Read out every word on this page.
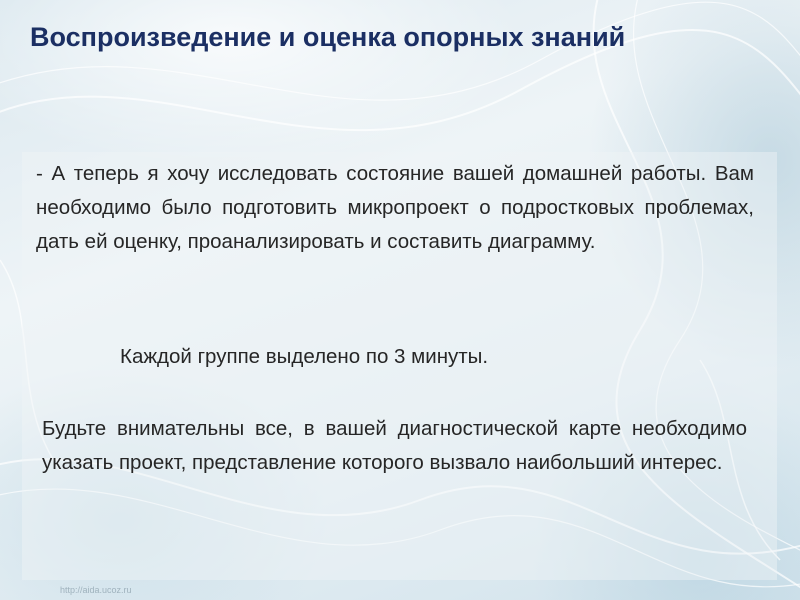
Воспроизведение и оценка опорных знаний

- А теперь я хочу исследовать состояние вашей домашней работы. Вам необходимо было подготовить микропроект о подростковых проблемах, дать ей оценку, проанализировать и составить диаграмму.

Каждой группе выделено по 3 минуты.

Будьте внимательны все, в вашей диагностической карте необходимо указать проект, представление которого вызвало наибольший интерес.

http://aida.ucoz.ru
